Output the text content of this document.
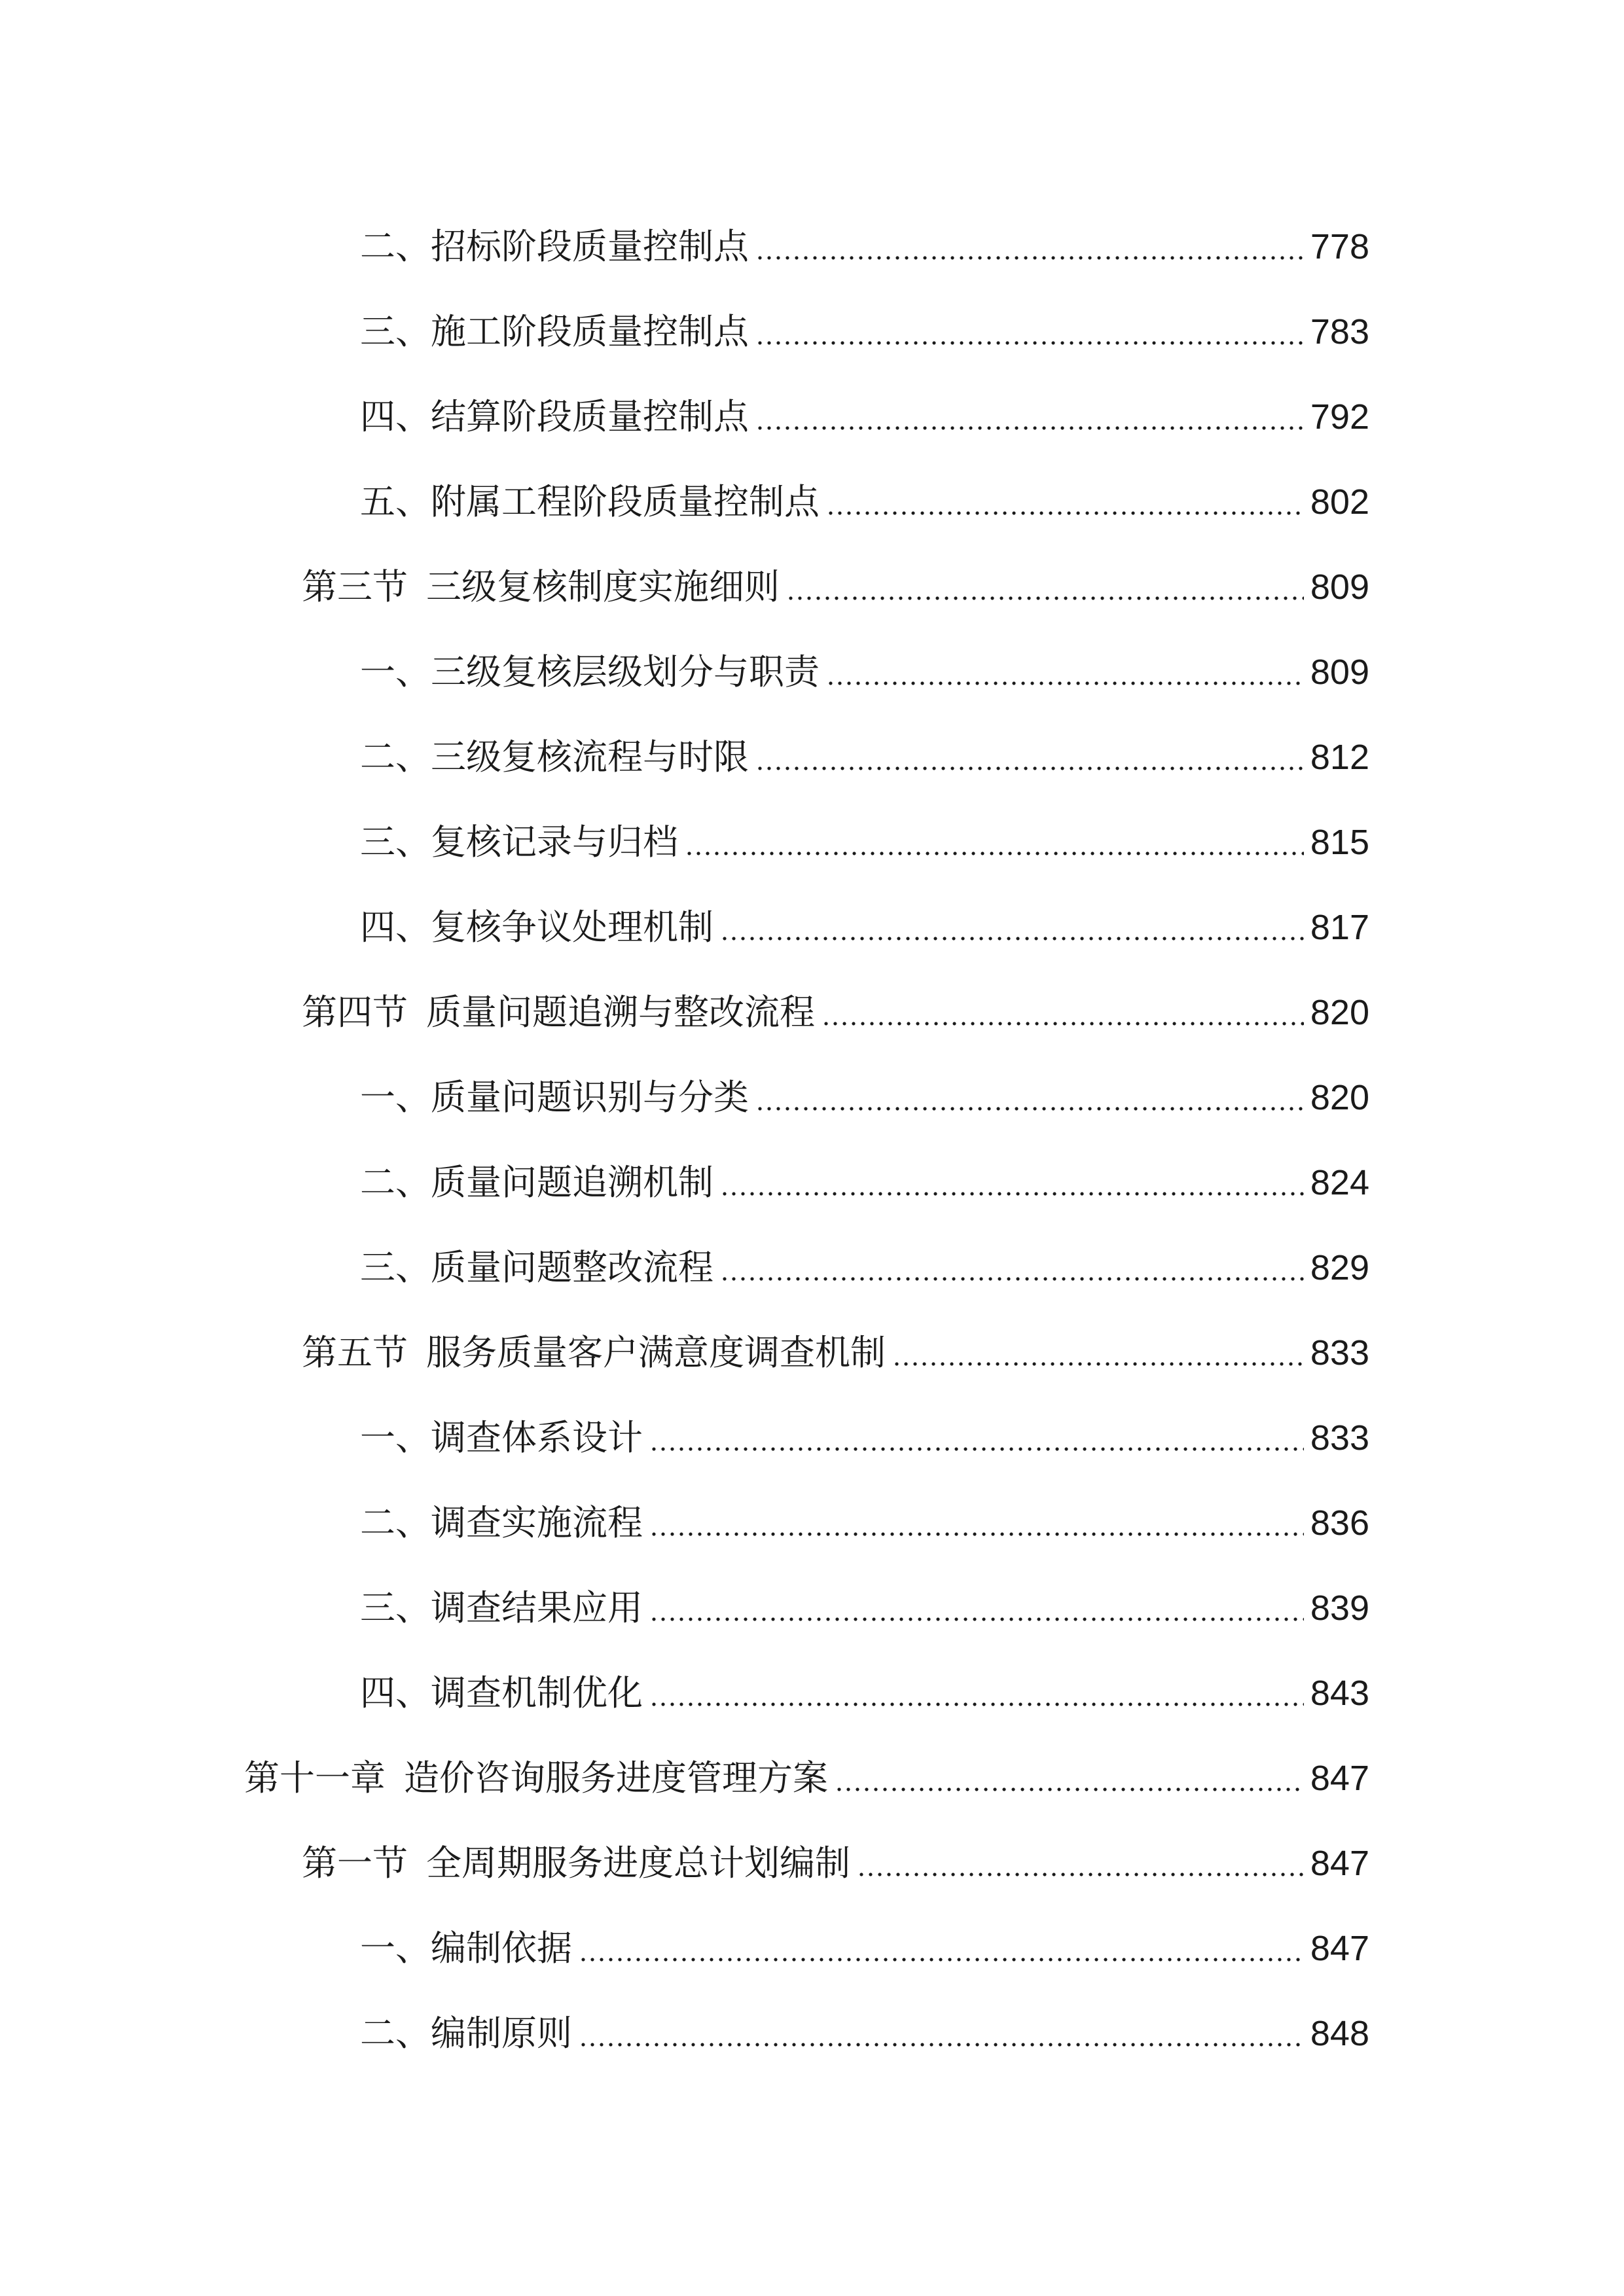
二、招标阶段质量控制点	778
三、施工阶段质量控制点	783
四、结算阶段质量控制点	792
五、附属工程阶段质量控制点	802
第三节 三级复核制度实施细则	809
一、三级复核层级划分与职责	809
二、三级复核流程与时限	812
三、复核记录与归档	815
四、复核争议处理机制	817
第四节 质量问题追溯与整改流程	820
一、质量问题识别与分类	820
二、质量问题追溯机制	824
三、质量问题整改流程	829
第五节 服务质量客户满意度调查机制	833
一、调查体系设计	833
二、调查实施流程	836
三、调查结果应用	839
四、调查机制优化	843
第十一章 造价咨询服务进度管理方案	847
第一节 全周期服务进度总计划编制	847
一、编制依据	847
二、编制原则	848
